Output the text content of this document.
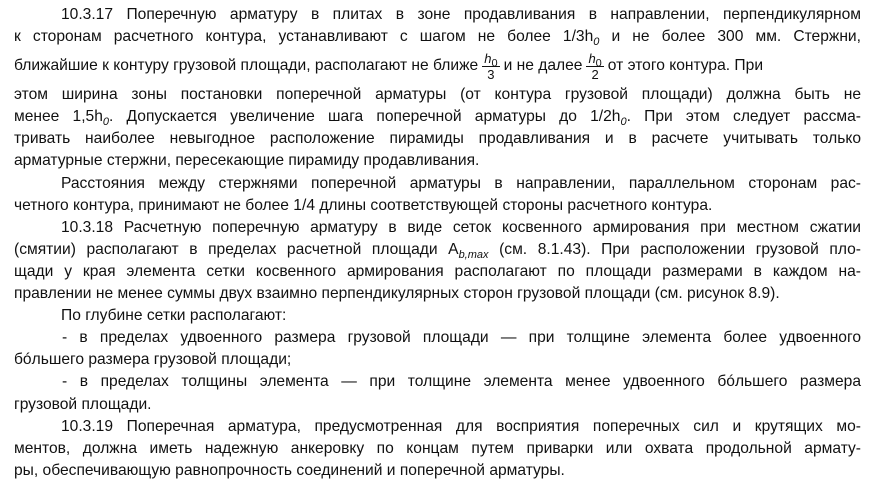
10.3.17 Поперечную арматуру в плитах в зоне продавливания в направлении, перпендикулярном
к сторонам расчетного контура, устанавливают с шагом не более $1/3h_0$ и не более 300 мм. Стержни,
ближайшие к контуру грузовой площади, располагают не ближе $\frac{h_0}{3}$ и не далее $\frac{h_0}{2}$ от этого контура. При
этом ширина зоны постановки поперечной арматуры (от контура грузовой площади) должна быть не
менее $1,5h_0$. Допускается увеличение шага поперечной арматуры до $1/2h_0$. При этом следует рассма-
тривать наиболее невыгодное расположение пирамиды продавливания и в расчете учитывать только
арматурные стержни, пересекающие пирамиду продавливания.
Расстояния между стержнями поперечной арматуры в направлении, параллельном сторонам рас-
четного контура, принимают не более 1/4 длины соответствующей стороны расчетного контура.
10.3.18 Расчетную поперечную арматуру в виде сеток косвенного армирования при местном сжатии
(смятии) располагают в пределах расчетной площади $A_{b,max}$ (см. 8.1.43). При расположении грузовой пло-
щади у края элемента сетки косвенного армирования располагают по площади размерами в каждом на-
правлении не менее суммы двух взаимно перпендикулярных сторон грузовой площади (см. рисунок 8.9).
По глубине сетки располагают:
- в пределах удвоенного размера грузовой площади — при толщине элемента более удвоенного
бóльшего размера грузовой площади;
- в пределах толщины элемента — при толщине элемента менее удвоенного бóльшего размера
грузовой площади.
10.3.19 Поперечная арматура, предусмотренная для восприятия поперечных сил и крутящих мо-
ментов, должна иметь надежную анкеровку по концам путем приварки или охвата продольной армату-
ры, обеспечивающую равнопрочность соединений и поперечной арматуры.
